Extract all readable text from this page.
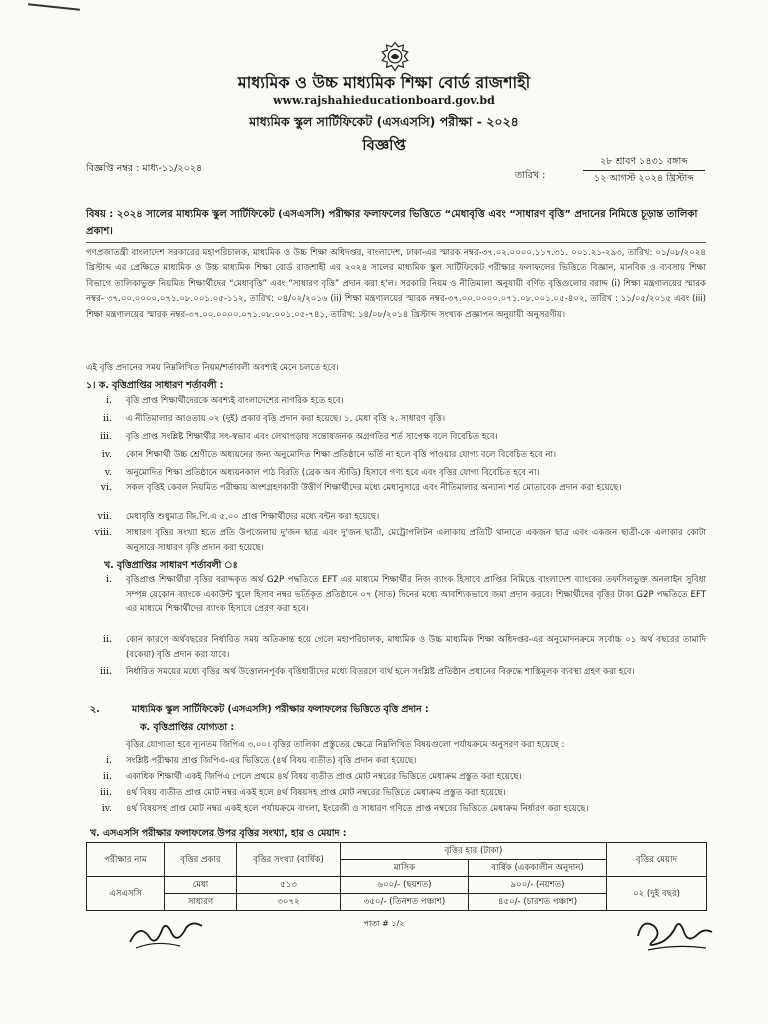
মাধ্যমিক ও উচ্চ মাধ্যমিক শিক্ষা বোর্ড রাজশাহী
www.rajshahieducationboard.gov.bd
মাধ্যমিক স্কুল সার্টিফিকেট (এসএসসি) পরীক্ষা - ২০২৪
বিজ্ঞপ্তি
বিজ্ঞপ্তি নম্বর : মাধ্য-১১/২০২৪
তারিখ :
২৮ শ্রাবণ ১৪৩১ বঙ্গাব্দ
১২ আগস্ট ২০২৪ খ্রিস্টাব্দ
বিষয় : ২০২৪ সালের মাধ্যমিক স্কুল সার্টিফিকেট (এসএসসি) পরীক্ষার ফলাফলের ভিত্তিতে “মেধাবৃত্তি এবং “সাধারণ বৃত্তি” প্রদানের নিমিত্তে চূড়ান্ত তালিকা প্রকাশ।
গণপ্রজাতন্ত্রী বাংলাদেশ সরকারের মহাপরিচালক, মাধ্যমিক ও উচ্চ শিক্ষা অধিদপ্তর, বাংলাদেশ, ঢাকা-এর স্মারক নম্বর-৩৭.০২.০০০০.১১৭.৩১. ০০১.২১-২৯৩, তারিখ: ০১/০৮/২০২৪ খ্রিস্টাব্দ এর প্রেক্ষিতে মাধ্যমিক ও উচ্চ মাধ্যমিক শিক্ষা বোর্ড রাজশাহী এর ২০২৪ সালের মাধ্যমিক স্কুল সার্টিফিকেট পরীক্ষার ফলাফলের ভিত্তিতে বিজ্ঞান, মানবিক ও ব্যবসায় শিক্ষা বিভাগে তালিকাভুক্ত নিয়মিত শিক্ষার্থীদের “মেধাবৃত্তি” এবং “সাধারণ বৃত্তি” প্রদান করা হ'ল। সরকারি নিয়ম ও নীতিমালা অনুযায়ী বর্ণিত বৃত্তিগুলোর বরাদ্দ (i) শিক্ষা মন্ত্রণালয়ের স্মারক নম্বর- ৩৭.০০.০০০০.০৭১.০৮.০০১.০৫-১১২, তারিখ: ০৪/০২/২০১৬ (ii) শিক্ষা মন্ত্রণালয়ের স্মারক নম্বর-৩৭.০০.০০০০.০৭১.০৮.০০১.০৫-৪০২, তারিখ : ১১/০৫/২০১৫ এবং (iii) শিক্ষা মন্ত্রণালয়ের স্মারক নম্বর-৩৭.০০.০০০০.০৭১.০৮.০০১.০৫-৭৪১, তারিখ: ১৪/০৮/২০১৪ খ্রিস্টাব্দ সংখ্যক প্রজ্ঞাপন অনুযায়ী অনুসরণীয়।
এই বৃত্তি প্রদানের সময় নিম্নলিখিত নিয়ম/শর্তাবলী অবশ্যই মেনে চলতে হবে।
১। ক. বৃত্তিপ্রাপ্তির সাধারণ শর্তাবলী :
i. বৃত্তি প্রাপ্ত শিক্ষার্থীদেরকে অবশ্যই বাংলাদেশের নাগরিক হতে হবে।
ii. এ নীতিমালার আওতায় ০২ (দুই) প্রকার বৃত্তি প্রদান করা হয়েছে। ১. মেধা বৃত্তি ২. সাধারণ বৃত্তি।
iii. বৃত্তি প্রাপ্ত সংশ্লিষ্ট শিক্ষার্থীর সৎ-স্বভাব এবং লেখাপড়ায় সন্তোষজনক অগ্রগতির শর্ত সাপেক্ষ বলে বিবেচিত হবে।
iv. কোন শিক্ষার্থী উচ্চ শ্রেণীতে অধ্যয়নের জন্য অনুমোদিত শিক্ষা প্রতিষ্ঠানে ভর্তি না হলে বৃত্তি পাওয়ার যোগ্য বলে বিবেচিত হবে না।
v. অনুমোদিত শিক্ষা প্রতিষ্ঠানে অধ্যয়নকাল পাঠ বিরতি (ব্রেক অব স্টাডি) হিসাবে গণ্য হবে এবং বৃত্তির যোগ্য বিবেচিত হবে না।
vi. সকল বৃত্তিই কেবল নিয়মিত পরীক্ষায় অংশগ্রহণকারী উত্তীর্ণ শিক্ষার্থীদের মধ্যে মেধানুসারে এবং নীতিমালার অন্যান্য শর্ত মোতাবেক প্রদান করা হয়েছে।
vii. মেধাবৃত্তি শুধুমাত্র জি.পি.এ ৫.০০ প্রাপ্ত শিক্ষার্থীদের মধ্যে বন্টন করা হয়েছে।
viii. সাধারণ বৃত্তির সংখ্যা হতে প্রতি উপজেলায় দু'জন ছাত্র এবং দু'জন ছাত্রী, মেট্রোপলিটন এলাকায় প্রতিটি থানাতে একজন ছাত্র এবং একজন ছাত্রী-কে এলাকার কোটা অনুসারে সাধারণ বৃত্তি প্রদান করা হয়েছে।
খ. বৃত্তিপ্রাপ্তির সাধারণ শর্তাবলী ঃ
i. বৃত্তিপ্রাপ্ত শিক্ষার্থীরা বৃত্তির বরাদ্দকৃত অর্থ G2P পদ্ধতিতে EFT এর মাধ্যমে শিক্ষার্থীর নিজ ব্যাংক হিসাবে প্রাপ্তির নিমিত্তে বাংলাদেশ ব্যাংকের তফসিলভুক্ত অনলাইন সুবিধা সম্পন্ন যেকোন ব্যাংকে একাউন্ট খুলে হিসাব নম্বর ভর্তিকৃত প্রতিষ্ঠানে ০৭ (সাত) দিনের মধ্যে আবশ্যিকভাবে জমা প্রদান করবে। শিক্ষার্থীদের বৃত্তির টাকা G2P পদ্ধতিতে EFT এর মাধ্যমে শিক্ষার্থীদের ব্যাংক হিসাবে প্রেরণ করা হবে।
ii. কোন কারণে অর্থবছরের নির্ধারিত সময় অতিক্রান্ত হয়ে গেলে মহাপরিচালক, মাধ্যমিক ও উচ্চ মাধ্যমিক শিক্ষা অধিদপ্তর-এর অনুমোদনক্রমে সর্বোচ্চ ০১ অর্থ বছরের তামাদি (বকেয়া) বৃত্তি প্রদান করা যাবে।
iii. নির্ধারিত সময়ের মধ্যে বৃত্তির অর্থ উত্তোলনপূর্বক বৃত্তিধারীদের মধ্যে বিতরণে ব্যর্থ হলে সংশ্লিষ্ট প্রতিষ্ঠান প্রধানের বিরুদ্ধে শাস্তিমূলক ব্যবস্থা গ্রহণ করা হবে।
২.	মাধ্যমিক স্কুল সার্টিফিকেট (এসএসসি) পরীক্ষার ফলাফলের ভিত্তিতে বৃত্তি প্রদান :
ক. বৃত্তিপ্রাপ্তির যোগ্যতা :
বৃত্তির যোগ্যতা হবে ন্যূনতম জিপিএ ৩.০০। বৃত্তির তালিকা প্রস্তুতের ক্ষেত্রে নিম্নলিখিত বিষয়গুলো পর্যায়ক্রমে অনুসরণ করা হয়েছে :
i. সংশ্লিষ্ট পরীক্ষায় প্রাপ্ত জিপিএ-এর ভিত্তিতে (৪র্থ বিষয় ব্যতীত) বৃত্তি প্রদান করা হয়েছে।
ii. একাধিক শিক্ষার্থী একই জিপিএ পেলে প্রথমে ৪র্থ বিষয় ব্যতীত প্রাপ্ত মোট নম্বরের ভিত্তিতে মেধাক্রম প্রস্তুত করা হয়েছে।
iii. ৪র্থ বিষয় ব্যতীত প্রাপ্ত মোট নম্বর একই হলে ৪র্থ বিষয়সহ প্রাপ্ত মোট নম্বরের ভিত্তিতে মেধাক্রম প্রস্তুত করা হয়েছে।
iv. ৪র্থ বিষয়সহ প্রাপ্ত মোট নম্বর একই হলে পর্যায়ক্রমে বাংলা, ইংরেজী ও সাধারণ গণিতে প্রাপ্ত নম্বরের ভিত্তিতে মেধাক্রম নির্ধারণ করা হয়েছে।
খ. এসএসসি পরীক্ষার ফলাফলের উপর বৃত্তির সংখ্যা, হার ও মেয়াদ :
পরীক্ষার নাম	বৃত্তির প্রকার	বৃত্তির সংখ্যা (বার্ষিক)	বৃত্তির হার (টাকা)		বৃত্তির মেয়াদ
			মাসিক	বার্ষিক (এককালীন অনুদান)	
এসএসসি	মেধা	৫১৩	৬০০/- (ছয়শত)	৯০০/- (নয়শত)	০২ (দুই বছর)
	সাধারণ	৩০৭২	৩৫০/- (তিনশত পঞ্চাশ)	৪৫০/- (চারশত পঞ্চাশ)	
পাতা # ১/২
